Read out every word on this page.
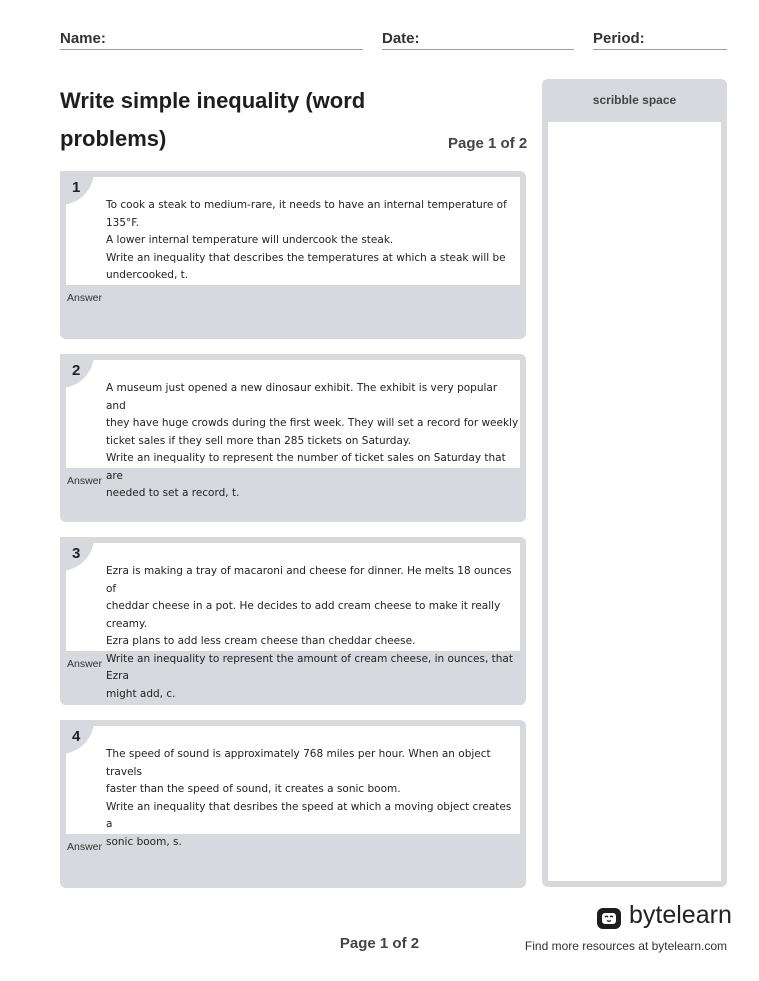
Name:	Date:	Period:
Write simple inequality (word problems)	Page 1 of 2

To cook a steak to medium-rare, it needs to have an internal temperature of 135°F.

A lower internal temperature will undercook the steak.

Write an inequality that describes the temperatures at which a steak will be

undercooked, t.

1
Answer

A museum just opened a new dinosaur exhibit. The exhibit is very popular and

they have huge crowds during the first week. They will set a record for weekly

ticket sales if they sell more than 285 tickets on Saturday.

Write an inequality to represent the number of ticket sales on Saturday that are

needed to set a record, t.

2
Answer

Ezra is making a tray of macaroni and cheese for dinner. He melts 18 ounces of

cheddar cheese in a pot. He decides to add cream cheese to make it really creamy.

Ezra plans to add less cream cheese than cheddar cheese.

Write an inequality to represent the amount of cream cheese, in ounces, that Ezra

might add, c.

3
Answer

The speed of sound is approximately 768 miles per hour. When an object travels

faster than the speed of sound, it creates a sonic boom.

Write an inequality that desribes the speed at which a moving object creates a

sonic boom, s.

4
Answer
scribble space
Page 1 of 2
bytelearn
Find more resources at bytelearn.com
